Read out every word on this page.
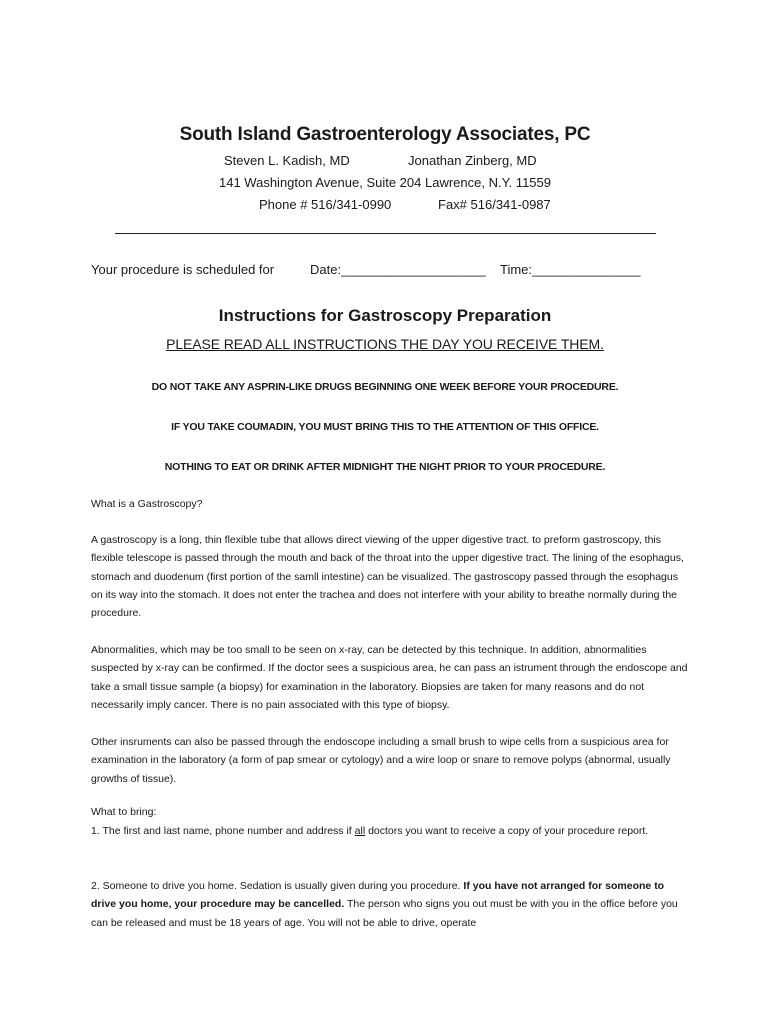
South Island Gastroenterology Associates, PC
Steven L. Kadish, MD	Jonathan Zinberg, MD
141 Washington Avenue, Suite 204 Lawrence, N.Y. 11559
Phone # 516/341-0990	Fax# 516/341-0987
Your procedure is scheduled for	Date:____________________ Time:_______________
Instructions for Gastroscopy Preparation
PLEASE READ ALL INSTRUCTIONS THE DAY YOU RECEIVE THEM.
DO NOT TAKE ANY ASPRIN-LIKE DRUGS BEGINNING ONE WEEK BEFORE YOUR PROCEDURE.
IF YOU TAKE COUMADIN, YOU MUST BRING THIS TO THE ATTENTION OF THIS OFFICE.
NOTHING TO EAT OR DRINK AFTER MIDNIGHT THE NIGHT PRIOR TO YOUR PROCEDURE.

What is a Gastroscopy?

A gastroscopy is a long, thin flexible tube that allows direct viewing of the upper digestive tract. to preform gastroscopy, this flexible telescope is passed through the mouth and back of the throat into the upper digestive tract. The lining of the esophagus, stomach and duodenum (first portion of the samll intestine) can be visualized. The gastroscopy passed through the esophagus on its way into the stomach. It does not enter the trachea and does not interfere with your ability to breathe normally during the procedure.

Abnormalities, which may be too small to be seen on x-ray, can be detected by this technique. In addition, abnormalities suspected by x-ray can be confirmed. If the doctor sees a suspicious area, he can pass an istrument through the endoscope and take a small tissue sample (a biopsy) for examination in the laboratory. Biopsies are taken for many reasons and do not necessarily imply cancer. There is no pain associated with this type of biopsy.

Other insruments can also be passed through the endoscope including a small brush to wipe cells from a suspicious area for examination in the laboratory (a form of pap smear or cytology) and a wire loop or snare to remove polyps (abnormal, usually growths of tissue).

What to bring:

1. The first and last name, phone number and address if all doctors you want to receive a copy of your procedure report.

2. Someone to drive you home. Sedation is usually given during you procedure. If you have not arranged for someone to drive you home, your procedure may be cancelled. The person who signs you out must be with you in the office before you can be released and must be 18 years of age. You will not be able to drive, operate
